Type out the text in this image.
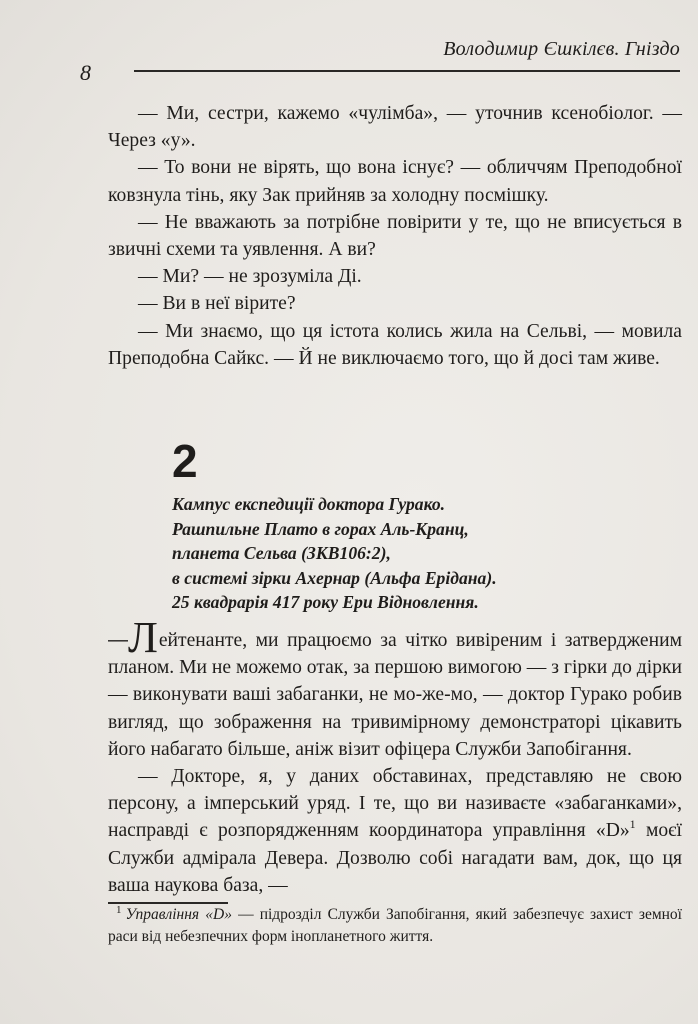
Володимир Єшкілєв. Гніздо
8

— Ми, сестри, кажемо «чулімба», — уточнив ксенобіолог. — Через «у».

— То вони не вірять, що вона існує? — обличчям Преподобної ковзнула тінь, яку Зак прийняв за холодну посмішку.

— Не вважають за потрібне повірити у те, що не вписується в звичні схеми та уявлення. А ви?

— Ми? — не зрозуміла Ді.

— Ви в неї вірите?

— Ми знаємо, що ця істота колись жила на Сельві, — мовила Преподобна Сайкс. — Й не виключаємо того, що й досі там живе.

2
Кампус експедиції доктора Гурако.
Рашпильне Плато в горах Аль-Кранц,
планета Сельва (ЗКВ106:2),
в системі зірки Ахернар (Альфа Ерідана).
25 квадрарія 417 року Ери Відновлення.

—Лейтенанте, ми працюємо за чітко вивіреним і затвердженим планом. Ми не можемо отак, за першою вимогою — з гірки до дірки — виконувати ваші забаганки, не мо-же-мо, — доктор Гурако робив вигляд, що зображення на тривимірному демонстраторі цікавить його набагато більше, аніж візит офіцера Служби Запобігання.

— Докторе, я, у даних обставинах, представляю не свою персону, а імперський уряд. І те, що ви називаєте «забаганками», насправді є розпорядженням координатора управління «D»$^1$ моєї Служби адмірала Девера. Дозволю собі нагадати вам, док, що ця ваша наукова база, —

$^1$ Управління «D» — підрозділ Служби Запобігання, який забезпечує захист земної раси від небезпечних форм інопланетного життя.
